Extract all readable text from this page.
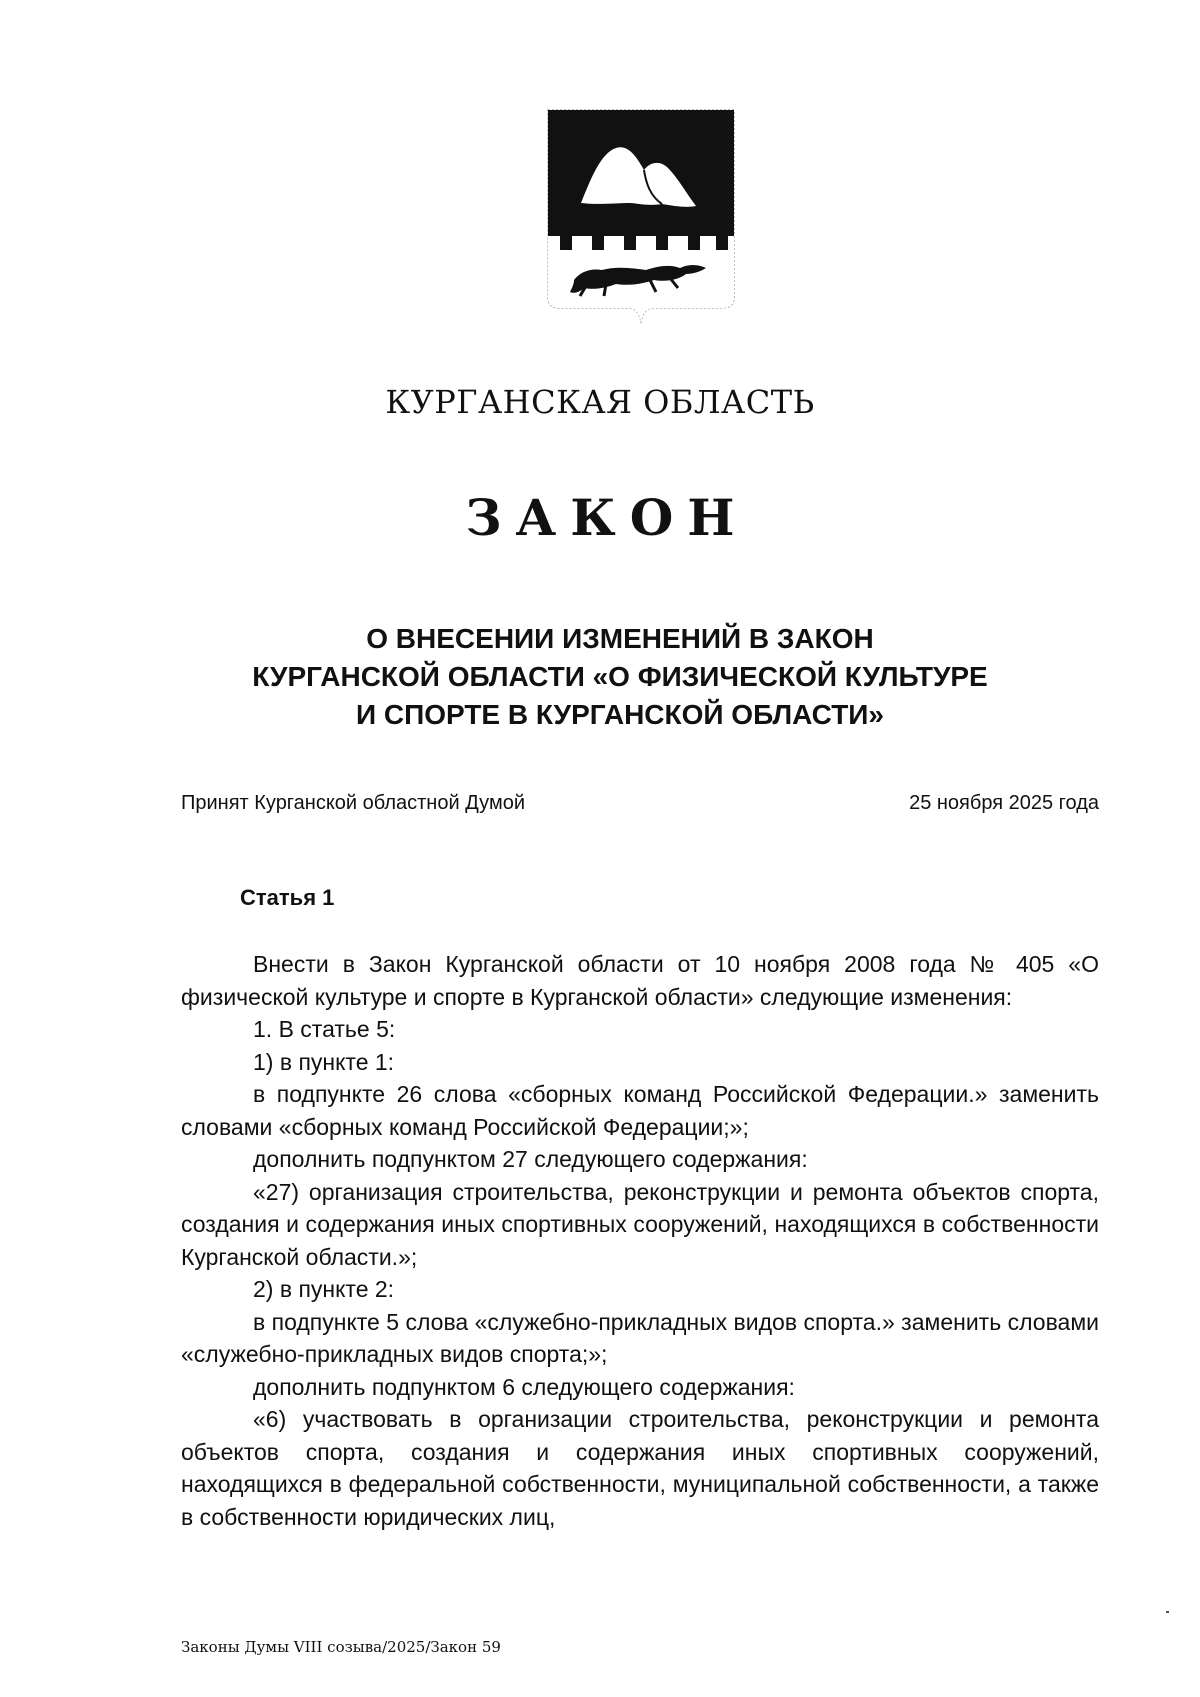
КУРГАНСКАЯ ОБЛАСТЬ
ЗАКОН
О ВНЕСЕНИИ ИЗМЕНЕНИЙ В ЗАКОН
КУРГАНСКОЙ ОБЛАСТИ «О ФИЗИЧЕСКОЙ КУЛЬТУРЕ
И СПОРТЕ В КУРГАНСКОЙ ОБЛАСТИ»
Принят Курганской областной Думой	25 ноября 2025 года
Статья 1

Внести в Закон Курганской области от 10 ноября 2008 года № 405 «О физической культуре и спорте в Курганской области» следующие изменения:

1. В статье 5:

1) в пункте 1:

в подпункте 26 слова «сборных команд Российской Федерации.» заменить словами «сборных команд Российской Федерации;»;

дополнить подпунктом 27 следующего содержания:

«27) организация строительства, реконструкции и ремонта объектов спорта, создания и содержания иных спортивных сооружений, находящихся в собственности Курганской области.»;

2) в пункте 2:

в подпункте 5 слова «служебно-прикладных видов спорта.» заменить словами «служебно-прикладных видов спорта;»;

дополнить подпунктом 6 следующего содержания:

«6) участвовать в организации строительства, реконструкции и ремонта объектов спорта, создания и содержания иных спортивных сооружений, находящихся в федеральной собственности, муниципальной собственности, а также в собственности юридических лиц,

Законы Думы VIII созыва/2025/Закон 59
